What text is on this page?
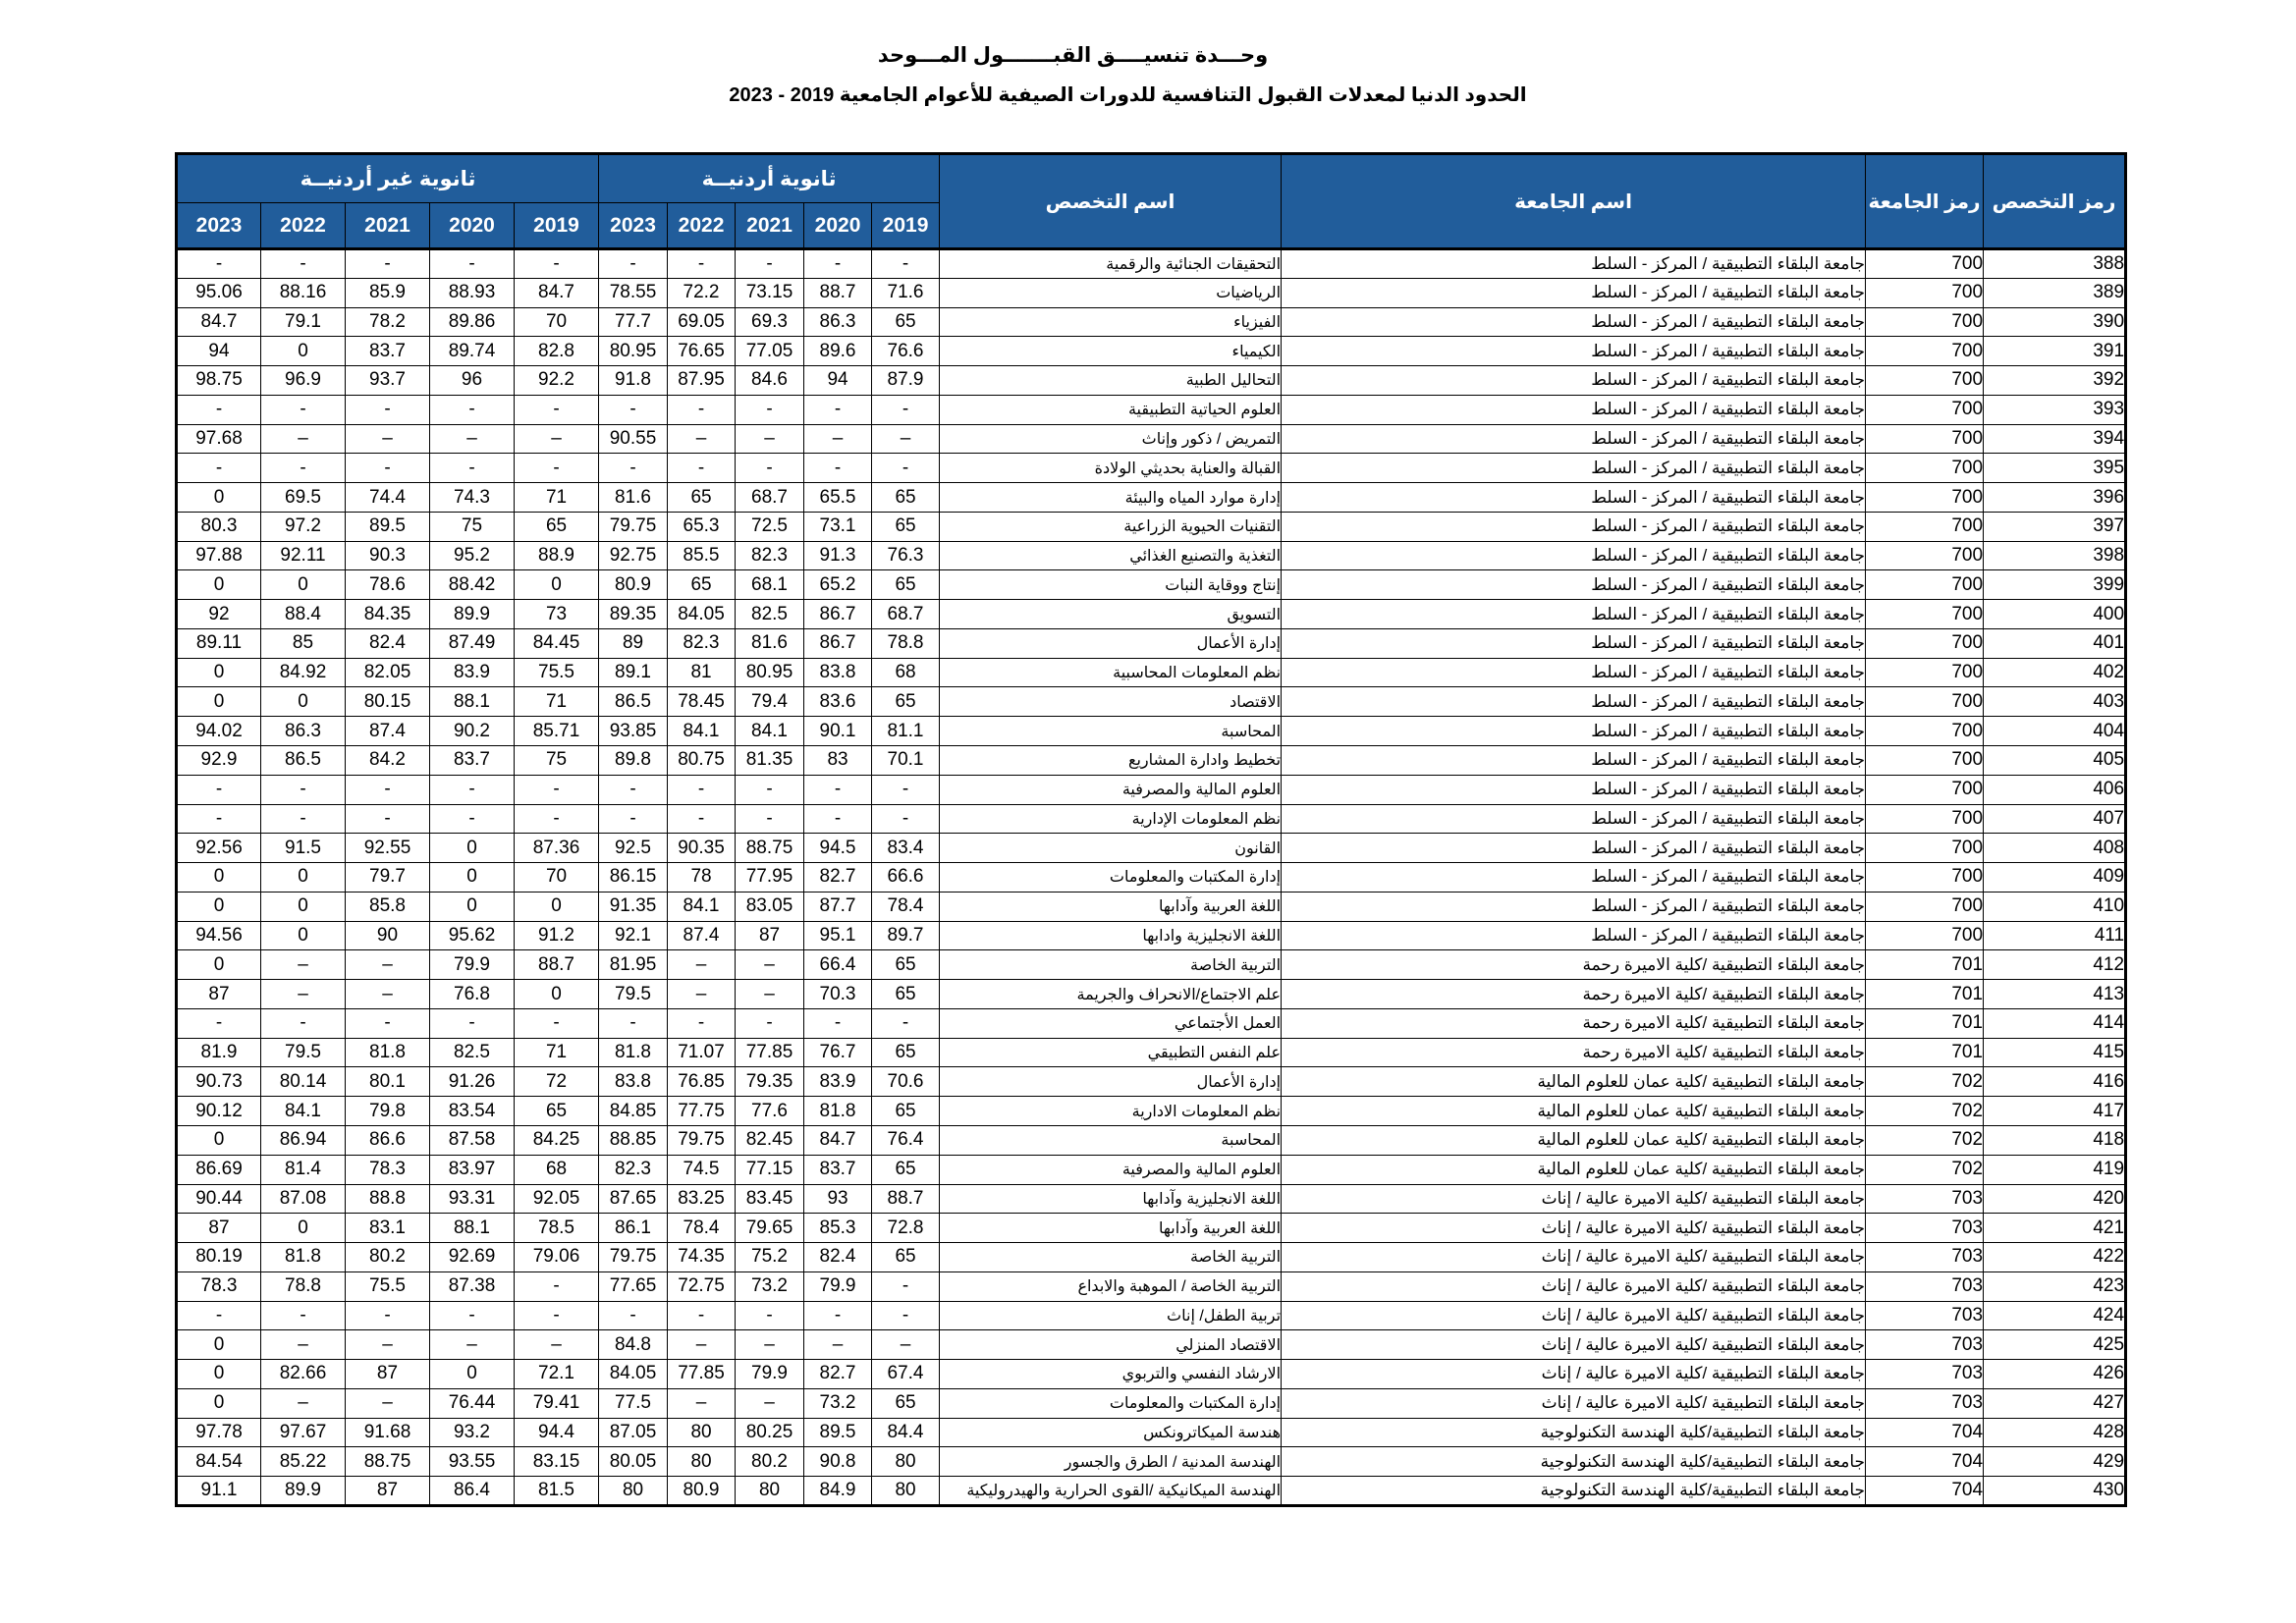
وحـــدة تنسيــــق القبـــــــول المـــوحد
الحدود الدنيا لمعدلات القبول التنافسية للدورات الصيفية للأعوام الجامعية 2019 - 2023
ثانوية غير أردنيــة					ثانوية أردنيــة					اسم التخصص	اسم الجامعة	رمز الجامعة	رمز التخصص
2023	2022	2021	2020	2019	2023	2022	2021	2020	2019				
-	-	-	-	-	-	-	-	-	-	التحقيقات الجنائية والرقمية	جامعة البلقاء التطبيقية / المركز - السلط	700	388
95.06	88.16	85.9	88.93	84.7	78.55	72.2	73.15	88.7	71.6	الرياضيات	جامعة البلقاء التطبيقية / المركز - السلط	700	389
84.7	79.1	78.2	89.86	70	77.7	69.05	69.3	86.3	65	الفيزياء	جامعة البلقاء التطبيقية / المركز - السلط	700	390
94	0	83.7	89.74	82.8	80.95	76.65	77.05	89.6	76.6	الكيمياء	جامعة البلقاء التطبيقية / المركز - السلط	700	391
98.75	96.9	93.7	96	92.2	91.8	87.95	84.6	94	87.9	التحاليل الطبية	جامعة البلقاء التطبيقية / المركز - السلط	700	392
-	-	-	-	-	-	-	-	-	-	العلوم الحياتية التطبيقية	جامعة البلقاء التطبيقية / المركز - السلط	700	393
97.68	–	–	–	–	90.55	–	–	–	–	التمريض / ذكور وإناث	جامعة البلقاء التطبيقية / المركز - السلط	700	394
-	-	-	-	-	-	-	-	-	-	القبالة والعناية بحديثي الولادة	جامعة البلقاء التطبيقية / المركز - السلط	700	395
0	69.5	74.4	74.3	71	81.6	65	68.7	65.5	65	إدارة موارد المياه والبيئة	جامعة البلقاء التطبيقية / المركز - السلط	700	396
80.3	97.2	89.5	75	65	79.75	65.3	72.5	73.1	65	التقنيات الحيوية الزراعية	جامعة البلقاء التطبيقية / المركز - السلط	700	397
97.88	92.11	90.3	95.2	88.9	92.75	85.5	82.3	91.3	76.3	التغذية والتصنيع الغذائي	جامعة البلقاء التطبيقية / المركز - السلط	700	398
0	0	78.6	88.42	0	80.9	65	68.1	65.2	65	إنتاج ووقاية النبات	جامعة البلقاء التطبيقية / المركز - السلط	700	399
92	88.4	84.35	89.9	73	89.35	84.05	82.5	86.7	68.7	التسويق	جامعة البلقاء التطبيقية / المركز - السلط	700	400
89.11	85	82.4	87.49	84.45	89	82.3	81.6	86.7	78.8	إدارة الأعمال	جامعة البلقاء التطبيقية / المركز - السلط	700	401
0	84.92	82.05	83.9	75.5	89.1	81	80.95	83.8	68	نظم المعلومات المحاسبية	جامعة البلقاء التطبيقية / المركز - السلط	700	402
0	0	80.15	88.1	71	86.5	78.45	79.4	83.6	65	الاقتصاد	جامعة البلقاء التطبيقية / المركز - السلط	700	403
94.02	86.3	87.4	90.2	85.71	93.85	84.1	84.1	90.1	81.1	المحاسبة	جامعة البلقاء التطبيقية / المركز - السلط	700	404
92.9	86.5	84.2	83.7	75	89.8	80.75	81.35	83	70.1	تخطيط وادارة المشاريع	جامعة البلقاء التطبيقية / المركز - السلط	700	405
-	-	-	-	-	-	-	-	-	-	العلوم المالية والمصرفية	جامعة البلقاء التطبيقية / المركز - السلط	700	406
-	-	-	-	-	-	-	-	-	-	نظم المعلومات الإدارية	جامعة البلقاء التطبيقية / المركز - السلط	700	407
92.56	91.5	92.55	0	87.36	92.5	90.35	88.75	94.5	83.4	القانون	جامعة البلقاء التطبيقية / المركز - السلط	700	408
0	0	79.7	0	70	86.15	78	77.95	82.7	66.6	إدارة المكتبات والمعلومات	جامعة البلقاء التطبيقية / المركز - السلط	700	409
0	0	85.8	0	0	91.35	84.1	83.05	87.7	78.4	اللغة العربية وآدابها	جامعة البلقاء التطبيقية / المركز - السلط	700	410
94.56	0	90	95.62	91.2	92.1	87.4	87	95.1	89.7	اللغة الانجليزية وادابها	جامعة البلقاء التطبيقية / المركز - السلط	700	411
0	–	–	79.9	88.7	81.95	–	–	66.4	65	التربية الخاصة	جامعة البلقاء التطبيقية /كلية الاميرة رحمة	701	412
87	–	–	76.8	0	79.5	–	–	70.3	65	علم الاجتماع/الانحراف والجريمة	جامعة البلقاء التطبيقية /كلية الاميرة رحمة	701	413
-	-	-	-	-	-	-	-	-	-	العمل الأجتماعي	جامعة البلقاء التطبيقية /كلية الاميرة رحمة	701	414
81.9	79.5	81.8	82.5	71	81.8	71.07	77.85	76.7	65	علم النفس التطبيقي	جامعة البلقاء التطبيقية /كلية الاميرة رحمة	701	415
90.73	80.14	80.1	91.26	72	83.8	76.85	79.35	83.9	70.6	إدارة الأعمال	جامعة البلقاء التطبيقية /كلية عمان للعلوم المالية	702	416
90.12	84.1	79.8	83.54	65	84.85	77.75	77.6	81.8	65	نظم المعلومات الادارية	جامعة البلقاء التطبيقية /كلية عمان للعلوم المالية	702	417
0	86.94	86.6	87.58	84.25	88.85	79.75	82.45	84.7	76.4	المحاسبة	جامعة البلقاء التطبيقية /كلية عمان للعلوم المالية	702	418
86.69	81.4	78.3	83.97	68	82.3	74.5	77.15	83.7	65	العلوم المالية والمصرفية	جامعة البلقاء التطبيقية /كلية عمان للعلوم المالية	702	419
90.44	87.08	88.8	93.31	92.05	87.65	83.25	83.45	93	88.7	اللغة الانجليزية وآدابها	جامعة البلقاء التطبيقية /كلية الاميرة عالية / إناث	703	420
87	0	83.1	88.1	78.5	86.1	78.4	79.65	85.3	72.8	اللغة العربية وآدابها	جامعة البلقاء التطبيقية /كلية الاميرة عالية / إناث	703	421
80.19	81.8	80.2	92.69	79.06	79.75	74.35	75.2	82.4	65	التربية الخاصة	جامعة البلقاء التطبيقية /كلية الاميرة عالية / إناث	703	422
78.3	78.8	75.5	87.38	-	77.65	72.75	73.2	79.9	-	التربية الخاصة / الموهبة والابداع	جامعة البلقاء التطبيقية /كلية الاميرة عالية / إناث	703	423
-	-	-	-	-	-	-	-	-	-	تربية الطفل/ إناث	جامعة البلقاء التطبيقية /كلية الاميرة عالية / إناث	703	424
0	–	–	–	–	84.8	–	–	–	–	الاقتصاد المنزلي	جامعة البلقاء التطبيقية /كلية الاميرة عالية / إناث	703	425
0	82.66	87	0	72.1	84.05	77.85	79.9	82.7	67.4	الارشاد النفسي والتربوي	جامعة البلقاء التطبيقية /كلية الاميرة عالية / إناث	703	426
0	–	–	76.44	79.41	77.5	–	–	73.2	65	إدارة المكتبات والمعلومات	جامعة البلقاء التطبيقية /كلية الاميرة عالية / إناث	703	427
97.78	97.67	91.68	93.2	94.4	87.05	80	80.25	89.5	84.4	هندسة الميكاترونكس	جامعة البلقاء التطبيقية/كلية الهندسة التكنولوجية	704	428
84.54	85.22	88.75	93.55	83.15	80.05	80	80.2	90.8	80	الهندسة المدنية / الطرق والجسور	جامعة البلقاء التطبيقية/كلية الهندسة التكنولوجية	704	429
91.1	89.9	87	86.4	81.5	80	80.9	80	84.9	80	الهندسة الميكانيكية /القوى الحرارية والهيدروليكية	جامعة البلقاء التطبيقية/كلية الهندسة التكنولوجية	704	430
